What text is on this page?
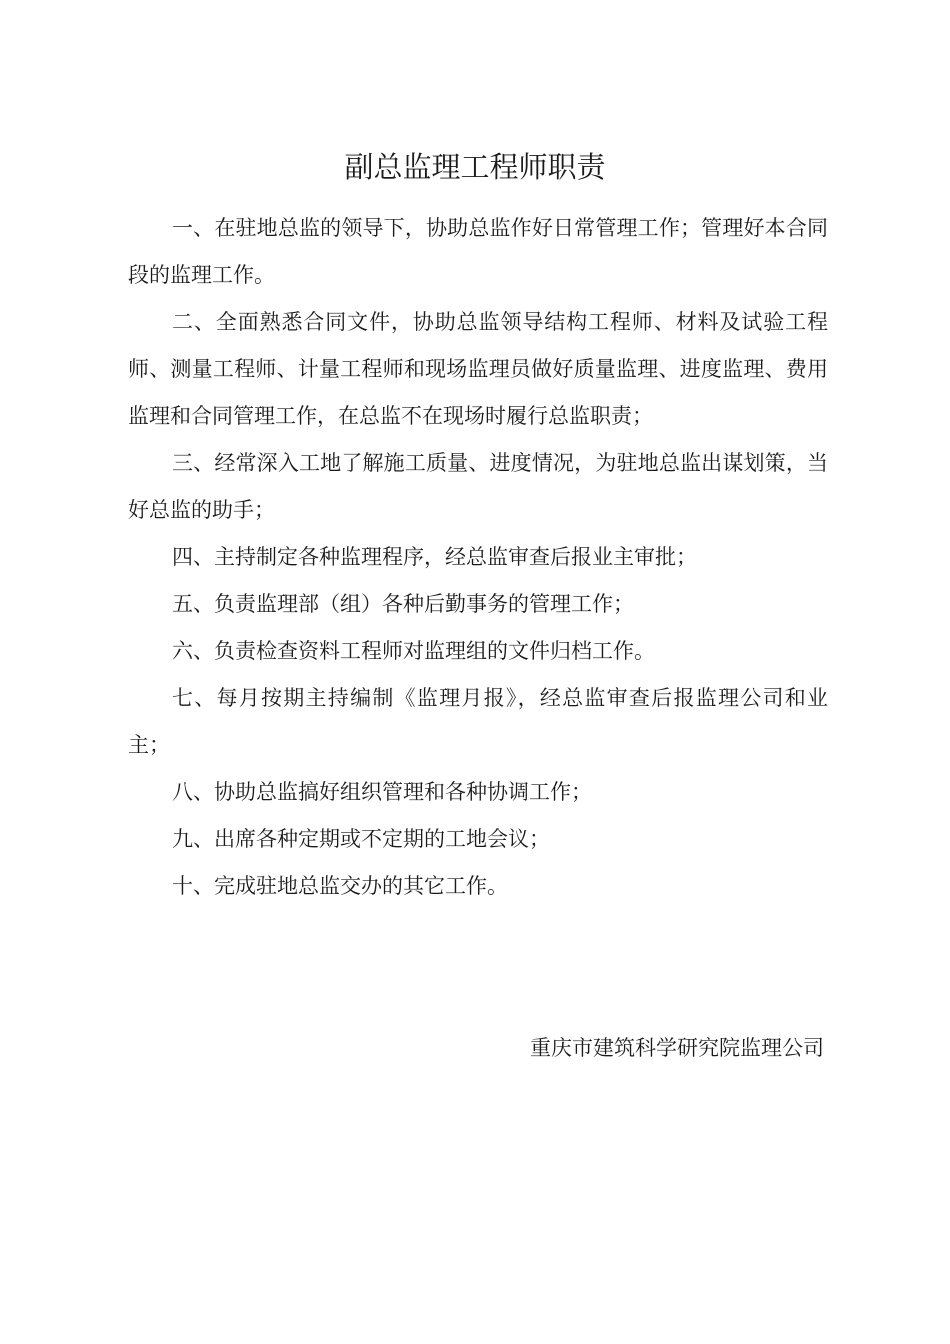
副总监理工程师职责

一、在驻地总监的领导下，协助总监作好日常管理工作；管理好本合同段的监理工作。

二、全面熟悉合同文件，协助总监领导结构工程师、材料及试验工程师、测量工程师、计量工程师和现场监理员做好质量监理、进度监理、费用监理和合同管理工作，在总监不在现场时履行总监职责；

三、经常深入工地了解施工质量、进度情况，为驻地总监出谋划策，当好总监的助手；

四、主持制定各种监理程序，经总监审查后报业主审批；

五、负责监理部（组）各种后勤事务的管理工作；

六、负责检查资料工程师对监理组的文件归档工作。

七、每月按期主持编制《监理月报》，经总监审查后报监理公司和业主；

八、协助总监搞好组织管理和各种协调工作；

九、出席各种定期或不定期的工地会议；

十、完成驻地总监交办的其它工作。

重庆市建筑科学研究院监理公司
